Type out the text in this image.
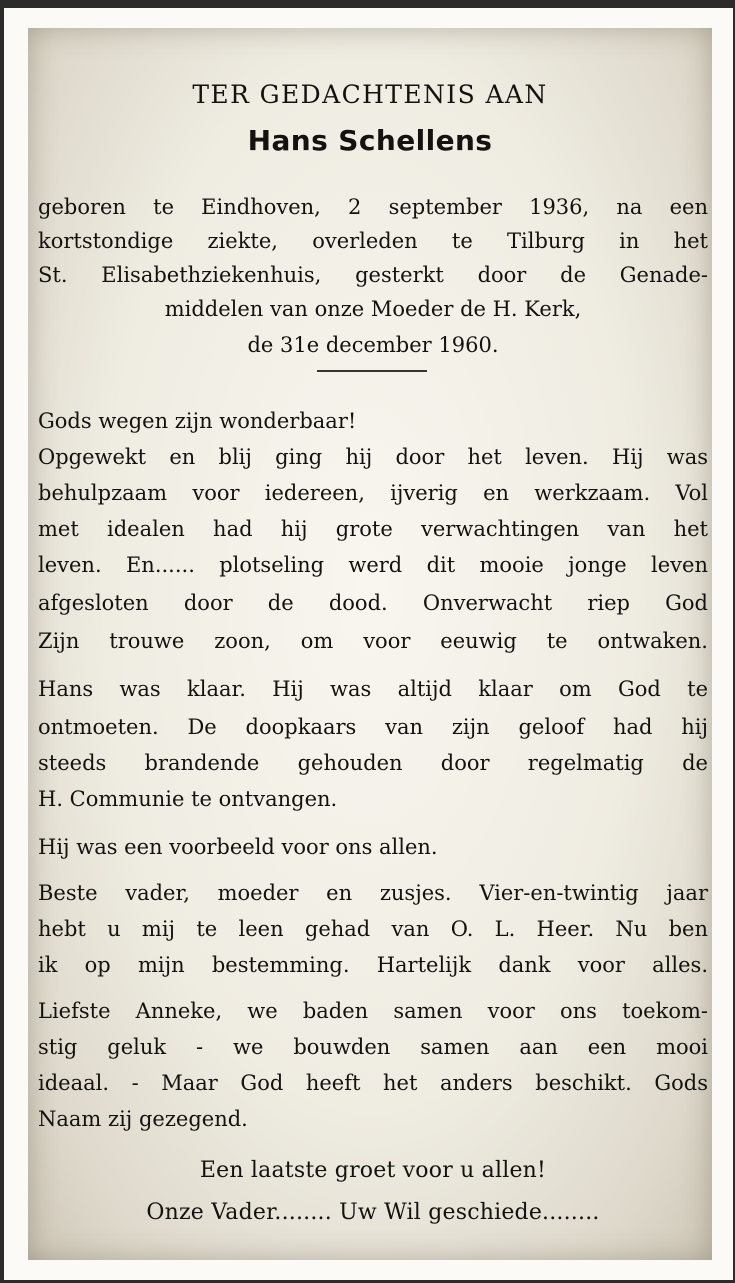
TER GEDACHTENIS AAN
Hans Schellens
geboren te Eindhoven, 2 september 1936, na een
kortstondige ziekte, overleden te Tilburg in het
St. Elisabethziekenhuis, gesterkt door de Genade-
middelen van onze Moeder de H. Kerk,
de 31e december 1960.
Gods wegen zijn wonderbaar!
Opgewekt en blij ging hij door het leven. Hij was
behulpzaam voor iedereen, ijverig en werkzaam. Vol
met idealen had hij grote verwachtingen van het
leven. En...... plotseling werd dit mooie jonge leven
afgesloten door de dood. Onverwacht riep God
Zijn trouwe zoon, om voor eeuwig te ontwaken.
Hans was klaar. Hij was altijd klaar om God te
ontmoeten. De doopkaars van zijn geloof had hij
steeds brandende gehouden door regelmatig de
H. Communie te ontvangen.
Hij was een voorbeeld voor ons allen.
Beste vader, moeder en zusjes. Vier-en-twintig jaar
hebt u mij te leen gehad van O. L. Heer. Nu ben
ik op mijn bestemming. Hartelijk dank voor alles.
Liefste Anneke, we baden samen voor ons toekom-
stig geluk - we bouwden samen aan een mooi
ideaal. - Maar God heeft het anders beschikt. Gods
Naam zij gezegend.
Een laatste groet voor u allen!
Onze Vader........ Uw Wil geschiede........
